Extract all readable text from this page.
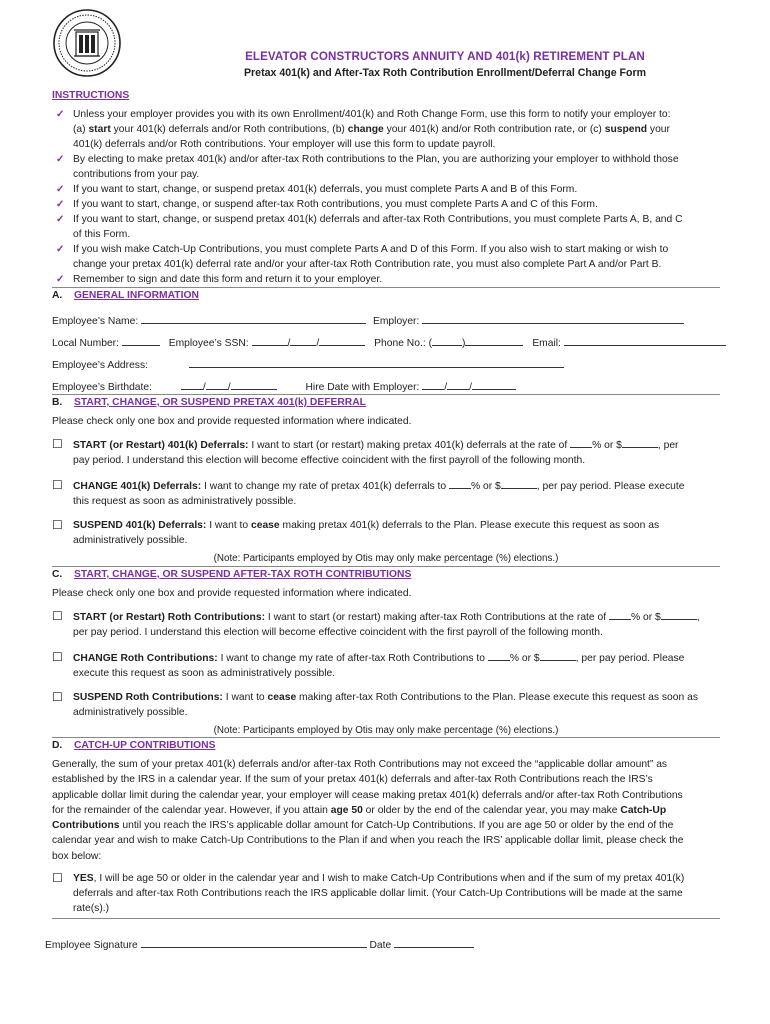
ELEVATOR CONSTRUCTORS ANNUITY AND 401(k) RETIREMENT PLAN
Pretax 401(k) and After-Tax Roth Contribution Enrollment/Deferral Change Form
INSTRUCTIONS
✓ Unless your employer provides you with its own Enrollment/401(k) and Roth Change Form, use this form to notify your employer to:
(a) start your 401(k) deferrals and/or Roth contributions, (b) change your 401(k) and/or Roth contribution rate, or (c) suspend your
401(k) deferrals and/or Roth contributions. Your employer will use this form to update payroll.
✓ By electing to make pretax 401(k) and/or after-tax Roth contributions to the Plan, you are authorizing your employer to withhold those
contributions from your pay.
✓ If you want to start, change, or suspend pretax 401(k) deferrals, you must complete Parts A and B of this Form.
✓ If you want to start, change, or suspend after-tax Roth contributions, you must complete Parts A and C of this Form.
✓ If you want to start, change, or suspend pretax 401(k) deferrals and after-tax Roth Contributions, you must complete Parts A, B, and C
of this Form.
✓ If you wish make Catch-Up Contributions, you must complete Parts A and D of this Form. If you also wish to start making or wish to
change your pretax 401(k) deferral rate and/or your after-tax Roth Contribution rate, you must also complete Part A and/or Part B.
✓ Remember to sign and date this form and return it to your employer.
A. GENERAL INFORMATION
Employee’s Name:	Employer:
Local Number:	Employee’s SSN:	/	/	Phone No.: (	)	Email:
Employee’s Address:
Employee’s Birthdate:	/ /	Hire Date with Employer: / /
B. START, CHANGE, OR SUSPEND PRETAX 401(k) DEFERRAL
Please check only one box and provide requested information where indicated.
☐ START (or Restart) 401(k) Deferrals: I want to start (or restart) making pretax 401(k) deferrals at the rate of % or $	, per
pay period. I understand this election will become effective coincident with the first payroll of the following month.
☐ CHANGE 401(k) Deferrals: I want to change my rate of pretax 401(k) deferrals to % or $	, per pay period. Please execute
this request as soon as administratively possible.
☐ SUSPEND 401(k) Deferrals: I want to cease making pretax 401(k) deferrals to the Plan. Please execute this request as soon as
administratively possible.
(Note: Participants employed by Otis may only make percentage (%) elections.)
C. START, CHANGE, OR SUSPEND AFTER-TAX ROTH CONTRIBUTIONS
Please check only one box and provide requested information where indicated.
☐ START (or Restart) Roth Contributions: I want to start (or restart) making after-tax Roth Contributions at the rate of % or $	,
per pay period. I understand this election will become effective coincident with the first payroll of the following month.
☐ CHANGE Roth Contributions: I want to change my rate of after-tax Roth Contributions to % or $	, per pay period. Please
execute this request as soon as administratively possible.
☐ SUSPEND Roth Contributions: I want to cease making after-tax Roth Contributions to the Plan. Please execute this request as soon as
administratively possible.
(Note: Participants employed by Otis may only make percentage (%) elections.)
D. CATCH-UP CONTRIBUTIONS
Generally, the sum of your pretax 401(k) deferrals and/or after-tax Roth Contributions may not exceed the “applicable dollar amount” as
established by the IRS in a calendar year. If the sum of your pretax 401(k) deferrals and after-tax Roth Contributions reach the IRS’s
applicable dollar limit during the calendar year, your employer will cease making pretax 401(k) deferrals and/or after-tax Roth Contributions
for the remainder of the calendar year. However, if you attain age 50 or older by the end of the calendar year, you may make Catch-Up
Contributions until you reach the IRS’s applicable dollar amount for Catch-Up Contributions. If you are age 50 or older by the end of the
calendar year and wish to make Catch-Up Contributions to the Plan if and when you reach the IRS’ applicable dollar limit, please check the
box below:
☐ YES, I will be age 50 or older in the calendar year and I wish to make Catch-Up Contributions when and if the sum of my pretax 401(k)
deferrals and after-tax Roth Contributions reach the IRS applicable dollar limit. (Your Catch-Up Contributions will be made at the same
rate(s).)
Employee Signature	Date
